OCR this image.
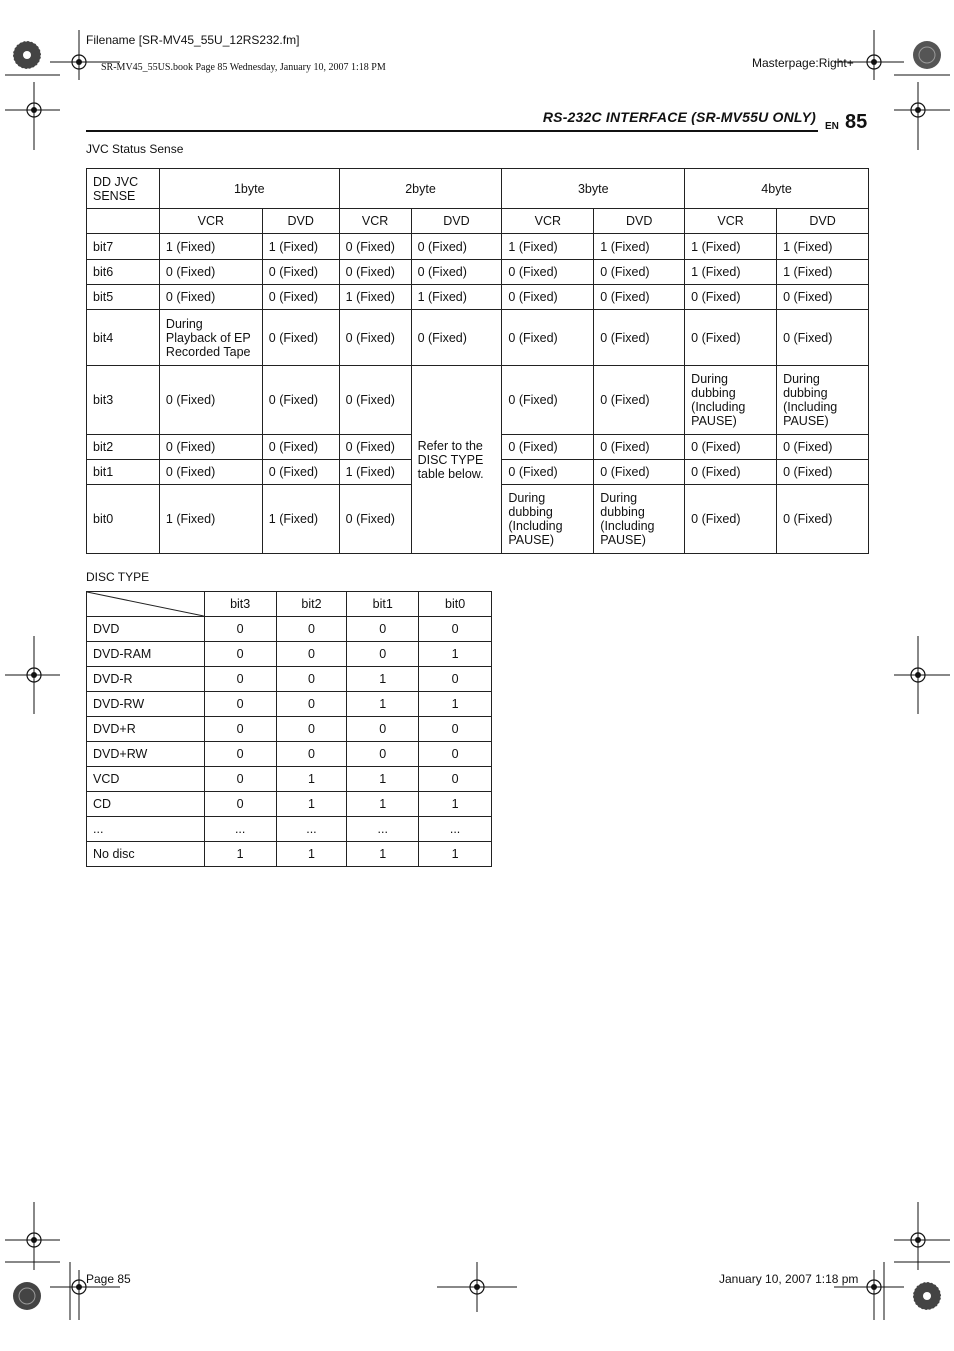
Filename [SR-MV45_55U_12RS232.fm]
SR-MV45_55US.book Page 85 Wednesday, January 10, 2007 1:18 PM	Masterpage:Right+
RS-232C INTERFACE (SR-MV55U ONLY)
EN 85
JVC Status Sense
DD JVC
SENSE	1byte		2byte		3byte		4byte	
	VCR	DVD	VCR	DVD	VCR	DVD	VCR	DVD
bit7	1 (Fixed)	1 (Fixed)	0 (Fixed)	0 (Fixed)	1 (Fixed)	1 (Fixed)	1 (Fixed)	1 (Fixed)
bit6	0 (Fixed)	0 (Fixed)	0 (Fixed)	0 (Fixed)	0 (Fixed)	0 (Fixed)	1 (Fixed)	1 (Fixed)
bit5	0 (Fixed)	0 (Fixed)	1 (Fixed)	1 (Fixed)	0 (Fixed)	0 (Fixed)	0 (Fixed)	0 (Fixed)
bit4	During
Playback of EP
Recorded Tape	0 (Fixed)	0 (Fixed)	0 (Fixed)	0 (Fixed)	0 (Fixed)	0 (Fixed)	0 (Fixed)
bit3	0 (Fixed)	0 (Fixed)	0 (Fixed)	Refer to the
DISC TYPE
table below.	0 (Fixed)	0 (Fixed)	During
dubbing
(Including
PAUSE)	During
dubbing
(Including
PAUSE)
bit2	0 (Fixed)	0 (Fixed)	0 (Fixed)		0 (Fixed)	0 (Fixed)	0 (Fixed)	0 (Fixed)
bit1	0 (Fixed)	0 (Fixed)	1 (Fixed)		0 (Fixed)	0 (Fixed)	0 (Fixed)	0 (Fixed)
bit0	1 (Fixed)	1 (Fixed)	0 (Fixed)		During
dubbing
(Including
PAUSE)	During
dubbing
(Including
PAUSE)	0 (Fixed)	0 (Fixed)
DISC TYPE
	bit3	bit2	bit1	bit0
DVD	0	0	0	0
DVD-RAM	0	0	0	1
DVD-R	0	0	1	0
DVD-RW	0	0	1	1
DVD+R	0	0	0	0
DVD+RW	0	0	0	0
VCD	0	1	1	0
CD	0	1	1	1
...	...	...	...	...
No disc	1	1	1	1
Page 85	January 10, 2007 1:18 pm
